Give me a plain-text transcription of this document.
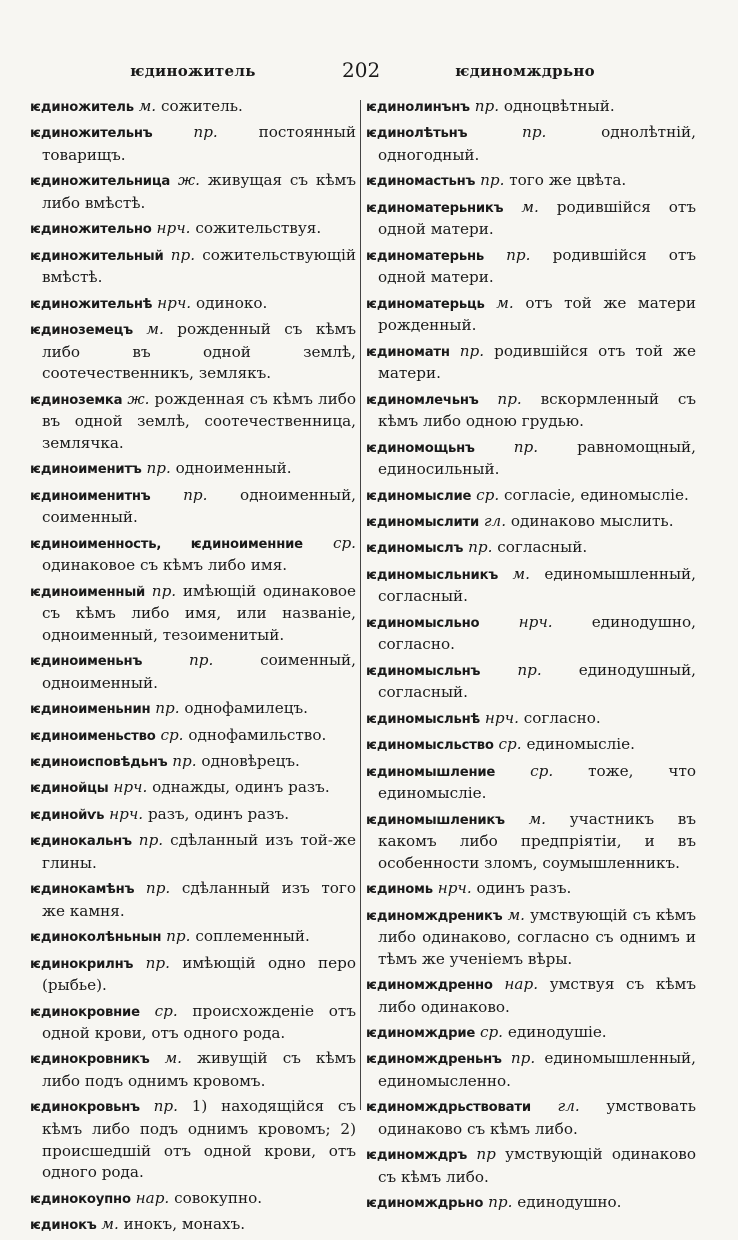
ѥдиножитель	202	ѥдиномждрьно
ѥдиножитель м. сожитель.
ѥдиножительнъ	пр.	постоянный товарищъ.
ѥдиножительница ж. живущая съ кѣмъ либо вмѣстѣ.
ѥдиножительно нрч. сожительствуя.
ѥдиножительный пр. сожительствующій вмѣстѣ.
ѥдиножительнѣ нрч. одиноко.
ѥдиноземецъ м. рожденный съ кѣмъ либо въ одной землѣ, соотечественникъ, землякъ.
ѥдиноземка ж. рожденная съ кѣмъ либо въ одной землѣ, соотечественница, землячка.
ѥдиноименитъ пр. одноименный.
ѥдиноименитнъ пр. одноименный, соименный.
ѥдиноименность, ѥдиноименние ср. одинаковое съ кѣмъ либо имя.
ѥдиноименный пр. имѣющій одинаковое съ кѣмъ либо имя, или названіе, одноименный, тезоименитый.
ѥдиноименьнъ	пр.	соименный, одноименный.
ѥдиноименьнин пр. однофамилецъ.
ѥдиноименьство ср. однофамильство.
ѥдиноисповѣдьнъ пр. одновѣрецъ.
ѥдинойцы нрч. однажды, одинъ разъ.
ѥдинойѵь нрч. разъ, одинъ разъ.
ѥдинокальнъ пр. сдѣланный изъ той-же глины.
ѥдинокамѣнъ пр. сдѣланный изъ того же камня.
ѥдиноколѣньнын пр. соплеменный.
ѥдинокрилнъ пр. имѣющій одно перо (рыбье).
ѥдинокровние ср. происхожденіе отъ одной крови, отъ одного рода.
ѥдинокровникъ м. живущій съ кѣмъ либо подъ однимъ кровомъ.
ѥдинокровьнъ пр. 1) находящійся съ кѣмъ либо подъ однимъ кровомъ; 2) происшедшій отъ одной крови, отъ одного рода.
ѥдинокоупно нар. совокупно.
ѥдинокъ м. инокъ, монахъ.
ѥдинолинънъ пр. одноцвѣтный.
ѥдинолѣтьнъ	пр.	однолѣтній, одногодный.
ѥдиномастьнъ пр. того же цвѣта.
ѥдиноматерьникъ м. родившійся отъ одной матери.
ѥдиноматерьнь пр. родившійся отъ одной матери.
ѥдиноматерьць м. отъ той же матери рожденный.
ѥдиноматн пр. родившійся отъ той же матери.
ѥдиномлечьнъ пр. вскормленный съ кѣмъ либо одною грудью.
ѥдиномощьнъ	пр.	равномощный, единосильный.
ѥдиномыслие ср. согласіе, единомысліе.
ѥдиномыслити гл. одинаково мыслить.
ѥдиномыслъ пр. согласный.
ѥдиномысльникъ м. единомышленный, согласный.
ѥдиномысльно	нрч.	единодушно, согласно.
ѥдиномысльнъ пр. единодушный, согласный.
ѥдиномысльнѣ нрч. согласно.
ѥдиномысльство ср. единомысліе.
ѥдиномышление ср. тоже, что единомысліе.
ѥдиномышленикъ м. участникъ въ какомъ либо предпріятіи, и въ особенности зломъ, соумышленникъ.
ѥдиномь нрч. одинъ разъ.
ѥдиномждреникъ м. умствующій съ кѣмъ либо одинаково, согласно съ однимъ и тѣмъ же ученіемъ вѣры.
ѥдиномждренно нар. умствуя съ кѣмъ либо одинаково.
ѥдиномждрие ср. единодушіе.
ѥдиномждреньнъ пр. единомышленный, единомысленно.
ѥдиномждрьствовати гл. умствовать одинаково съ кѣмъ либо.
ѥдиномждръ пр умствующій одинаково съ кѣмъ либо.
ѥдиномждрьно пр. единодушно.
